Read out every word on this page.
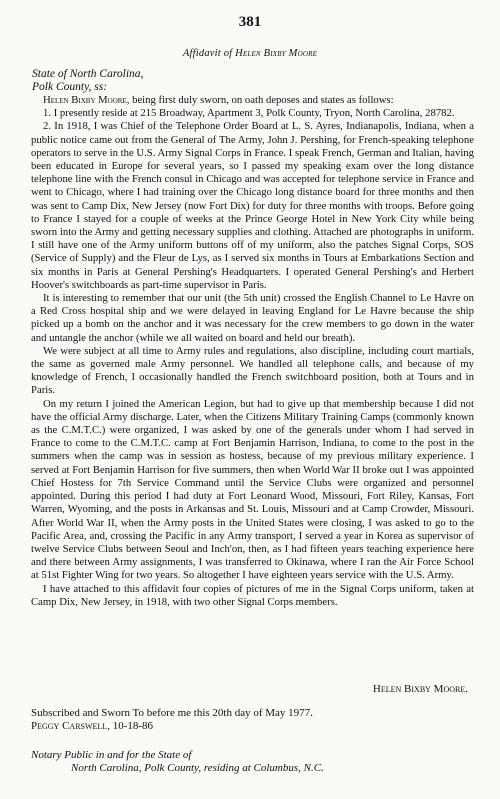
381
Affidavit of Helen Bixby Moore
State of North Carolina,
Polk County, ss:

Helen Bixby Moore, being first duly sworn, on oath deposes and states as follows:

1. I presently reside at 215 Broadway, Apartment 3, Polk County, Tryon, North Carolina, 28782.

2. In 1918, I was Chief of the Telephone Order Board at L. S. Ayres, Indianapolis, Indiana, when a public notice came out from the General of The Army, John J. Pershing, for French-speaking telephone operators to serve in the U.S. Army Signal Corps in France. I speak French, German and Italian, having been educated in Europe for several years, so I passed my speaking exam over the long distance telephone line with the French consul in Chicago and was accepted for telephone service in France and went to Chicago, where I had training over the Chicago long distance board for three months and then was sent to Camp Dix, New Jersey (now Fort Dix) for duty for three months with troops. Before going to France I stayed for a couple of weeks at the Prince George Hotel in New York City while being sworn into the Army and getting necessary supplies and clothing. Attached are photographs in uniform. I still have one of the Army uniform buttons off of my uniform, also the patches Signal Corps, SOS (Service of Supply) and the Fleur de Lys, as I served six months in Tours at Embarkations Section and six months in Paris at General Pershing's Headquarters. I operated General Pershing's and Herbert Hoover's switchboards as part-time supervisor in Paris.

It is interesting to remember that our unit (the 5th unit) crossed the English Channel to Le Havre on a Red Cross hospital ship and we were delayed in leaving England for Le Havre because the ship picked up a bomb on the anchor and it was necessary for the crew members to go down in the water and untangle the anchor (while we all waited on board and held our breath).

We were subject at all time to Army rules and regulations, also discipline, including court martials, the same as governed male Army personnel. We handled all telephone calls, and because of my knowledge of French, I occasionally handled the French switchboard position, both at Tours and in Paris.

On my return I joined the American Legion, but had to give up that membership because I did not have the official Army discharge. Later, when the Citizens Military Training Camps (commonly known as the C.M.T.C.) were organized, I was asked by one of the generals under whom I had served in France to come to the C.M.T.C. camp at Fort Benjamin Harrison, Indiana, to come to the post in the summers when the camp was in session as hostess, because of my previous military experience. I served at Fort Benjamin Harrison for five summers, then when World War II broke out I was appointed Chief Hostess for 7th Service Command until the Service Clubs were organized and personnel appointed. During this period I had duty at Fort Leonard Wood, Missouri, Fort Riley, Kansas, Fort Warren, Wyoming, and the posts in Arkansas and St. Louis, Missouri and at Camp Crowder, Missouri. After World War II, when the Army posts in the United States were closing, I was asked to go to the Pacific Area, and, crossing the Pacific in any Army transport, I served a year in Korea as supervisor of twelve Service Clubs between Seoul and Inch'on, then, as I had fifteen years teaching experience here and there between Army assignments, I was transferred to Okinawa, where I ran the Air Force School at 51st Fighter Wing for two years. So altogether I have eighteen years service with the U.S. Army.

I have attached to this affidavit four copies of pictures of me in the Signal Corps uniform, taken at Camp Dix, New Jersey, in 1918, with two other Signal Corps members.

Helen Bixby Moore.
Subscribed and Sworn To before me this 20th day of May 1977.
Peggy Carswell, 10-18-86
Notary Public in and for the State of
North Carolina, Polk County, residing at Columbus, N.C.
